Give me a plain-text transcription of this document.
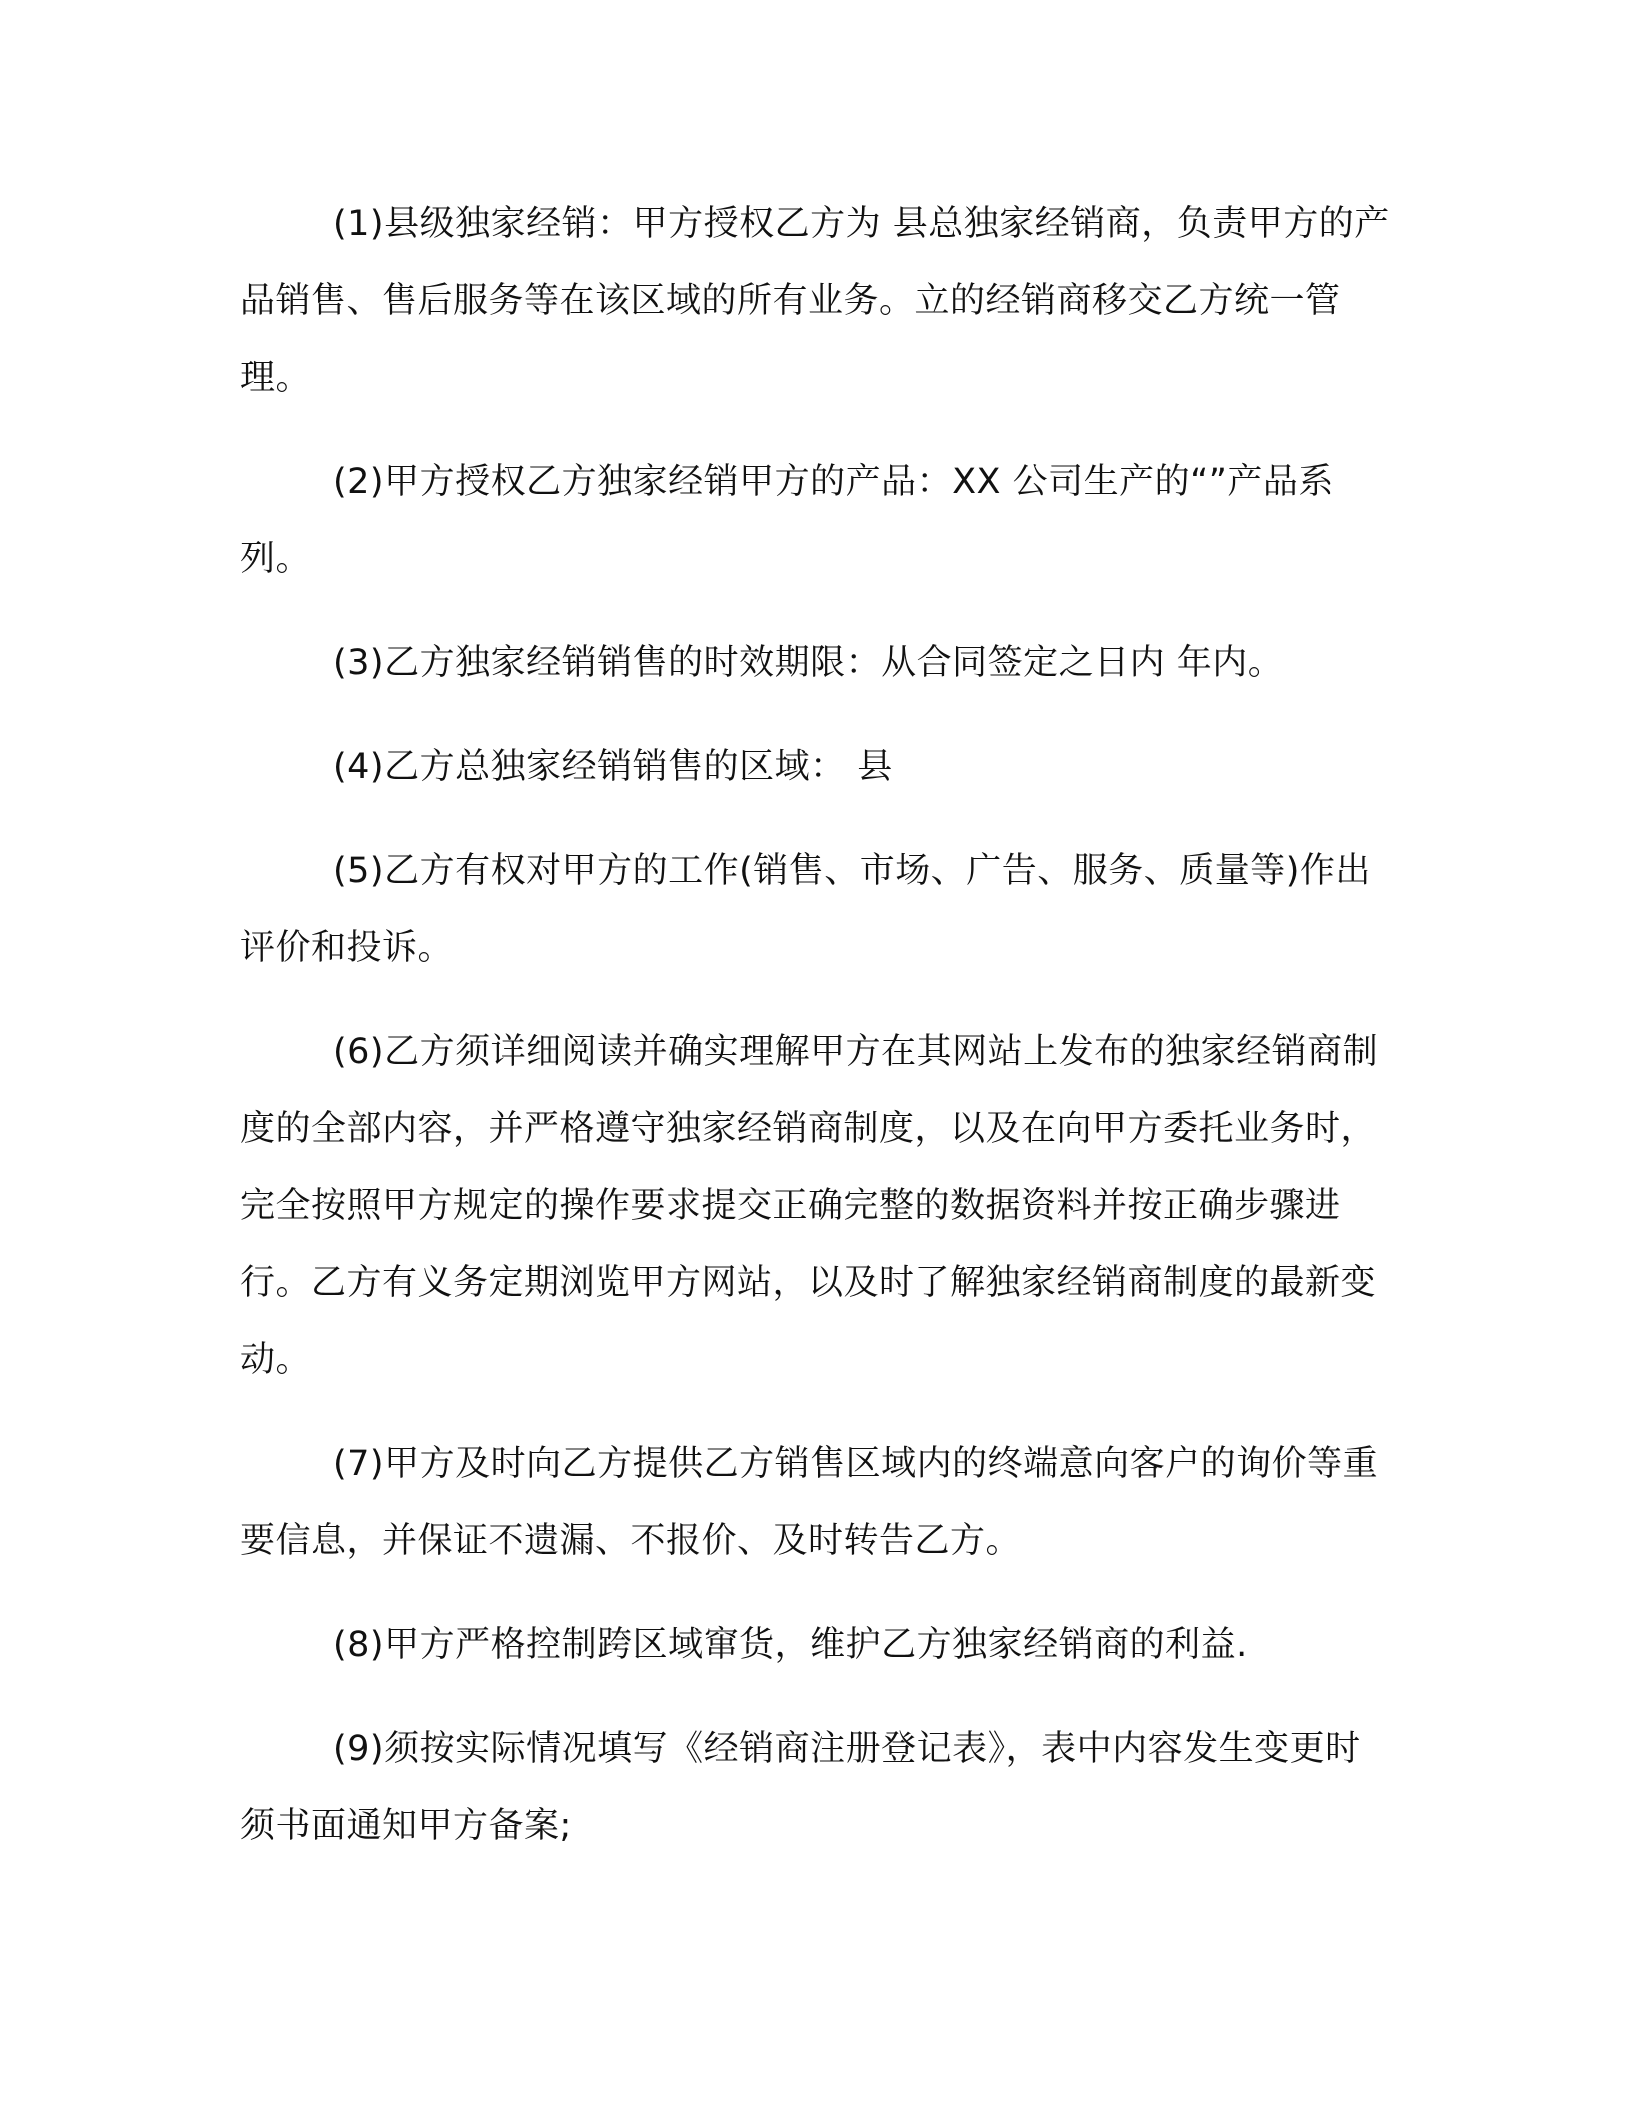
(1)县级独家经销：甲方授权乙方为 县总独家经销商，负责甲方的产品销售、售后服务等在该区域的所有业务。立的经销商移交乙方统一管理。

(2)甲方授权乙方独家经销甲方的产品：XX 公司生产的“”产品系列。

(3)乙方独家经销销售的时效期限：从合同签定之日内 年内。

(4)乙方总独家经销销售的区域： 县

(5)乙方有权对甲方的工作(销售、市场、广告、服务、质量等)作出评价和投诉。

(6)乙方须详细阅读并确实理解甲方在其网站上发布的独家经销商制度的全部内容，并严格遵守独家经销商制度，以及在向甲方委托业务时，完全按照甲方规定的操作要求提交正确完整的数据资料并按正确步骤进行。乙方有义务定期浏览甲方网站，以及时了解独家经销商制度的最新变动。

(7)甲方及时向乙方提供乙方销售区域内的终端意向客户的询价等重要信息，并保证不遗漏、不报价、及时转告乙方。

(8)甲方严格控制跨区域窜货，维护乙方独家经销商的利益.

(9)须按实际情况填写《经销商注册登记表》，表中内容发生变更时须书面通知甲方备案;
